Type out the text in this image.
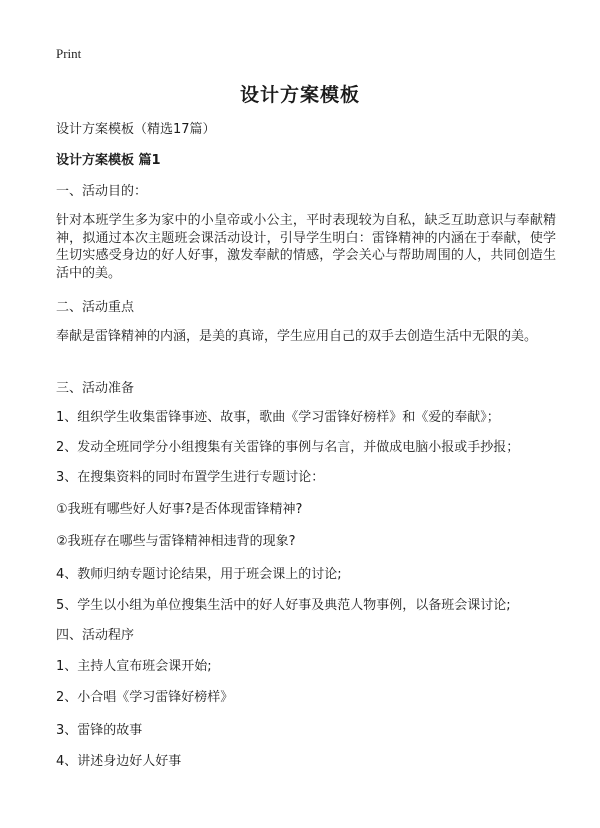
Print
设计方案模板
设计方案模板（精选17篇）
设计方案模板 篇1
一、活动目的：
针对本班学生多为家中的小皇帝或小公主，平时表现较为自私，缺乏互助意识与奉献精神，拟通过本次主题班会课活动设计，引导学生明白：雷锋精神的内涵在于奉献，使学生切实感受身边的好人好事，激发奉献的情感，学会关心与帮助周围的人，共同创造生活中的美。
二、活动重点
奉献是雷锋精神的内涵，是美的真谛，学生应用自己的双手去创造生活中无限的美。
三、活动准备
1、组织学生收集雷锋事迹、故事，歌曲《学习雷锋好榜样》和《爱的奉献》；
2、发动全班同学分小组搜集有关雷锋的事例与名言，并做成电脑小报或手抄报；
3、在搜集资料的同时布置学生进行专题讨论：
①我班有哪些好人好事?是否体现雷锋精神?
②我班存在哪些与雷锋精神相违背的现象?
4、教师归纳专题讨论结果，用于班会课上的讨论;
5、学生以小组为单位搜集生活中的好人好事及典范人物事例，以备班会课讨论;
四、活动程序
1、主持人宣布班会课开始;
2、小合唱《学习雷锋好榜样》
3、雷锋的故事
4、讲述身边好人好事
